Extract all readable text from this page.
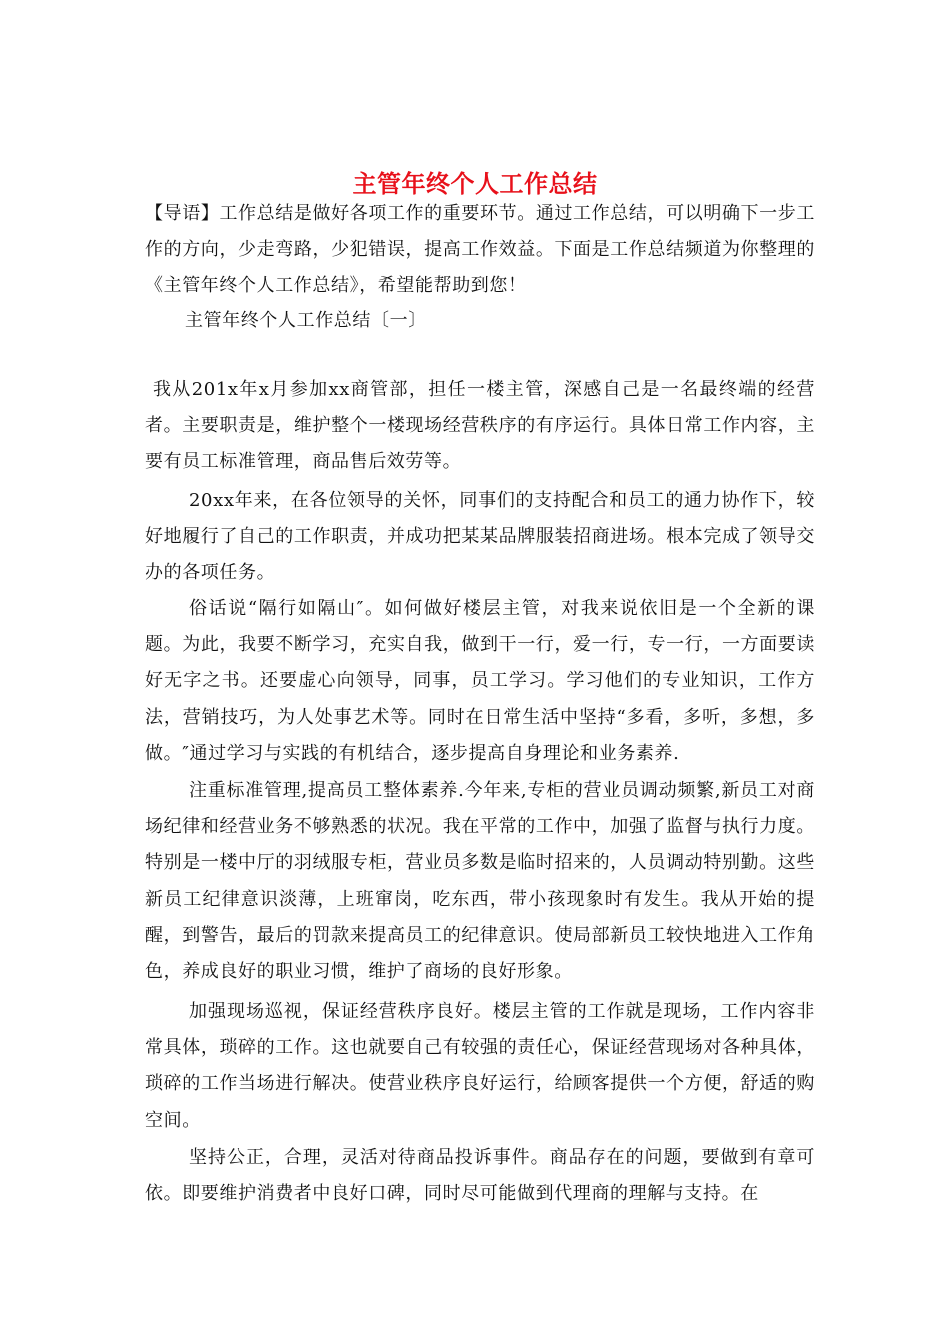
主管年终个人工作总结

【导语】工作总结是做好各项工作的重要环节。通过工作总结，可以明确下一步工作的方向，少走弯路，少犯错误，提高工作效益。下面是工作总结频道为你整理的《主管年终个人工作总结》，希望能帮助到您！

主管年终个人工作总结〔一〕

我从201x年x月参加xx商管部，担任一楼主管，深感自己是一名最终端的经营者。主要职责是，维护整个一楼现场经营秩序的有序运行。具体日常工作内容，主要有员工标准管理，商品售后效劳等。

20xx年来，在各位领导的关怀，同事们的支持配合和员工的通力协作下，较好地履行了自己的工作职责，并成功把某某品牌服装招商进场。根本完成了领导交办的各项任务。

俗话说“隔行如隔山″。如何做好楼层主管，对我来说依旧是一个全新的课题。为此，我要不断学习，充实自我，做到干一行，爱一行，专一行，一方面要读好无字之书。还要虚心向领导，同事，员工学习。学习他们的专业知识，工作方法，营销技巧，为人处事艺术等。同时在日常生活中坚持“多看，多听，多想，多做。″通过学习与实践的有机结合，逐步提高自身理论和业务素养.

注重标准管理,提高员工整体素养.今年来,专柜的营业员调动频繁,新员工对商场纪律和经营业务不够熟悉的状况。我在平常的工作中，加强了监督与执行力度。特别是一楼中厅的羽绒服专柜，营业员多数是临时招来的，人员调动特别勤。这些新员工纪律意识淡薄，上班窜岗，吃东西，带小孩现象时有发生。我从开始的提醒，到警告，最后的罚款来提高员工的纪律意识。使局部新员工较快地进入工作角色，养成良好的职业习惯，维护了商场的良好形象。

加强现场巡视，保证经营秩序良好。楼层主管的工作就是现场，工作内容非常具体，琐碎的工作。这也就要自己有较强的责任心，保证经营现场对各种具体，琐碎的工作当场进行解决。使营业秩序良好运行，给顾客提供一个方便，舒适的购空间。

坚持公正，合理，灵活对待商品投诉事件。商品存在的问题，要做到有章可依。即要维护消费者中良好口碑，同时尽可能做到代理商的理解与支持。在
